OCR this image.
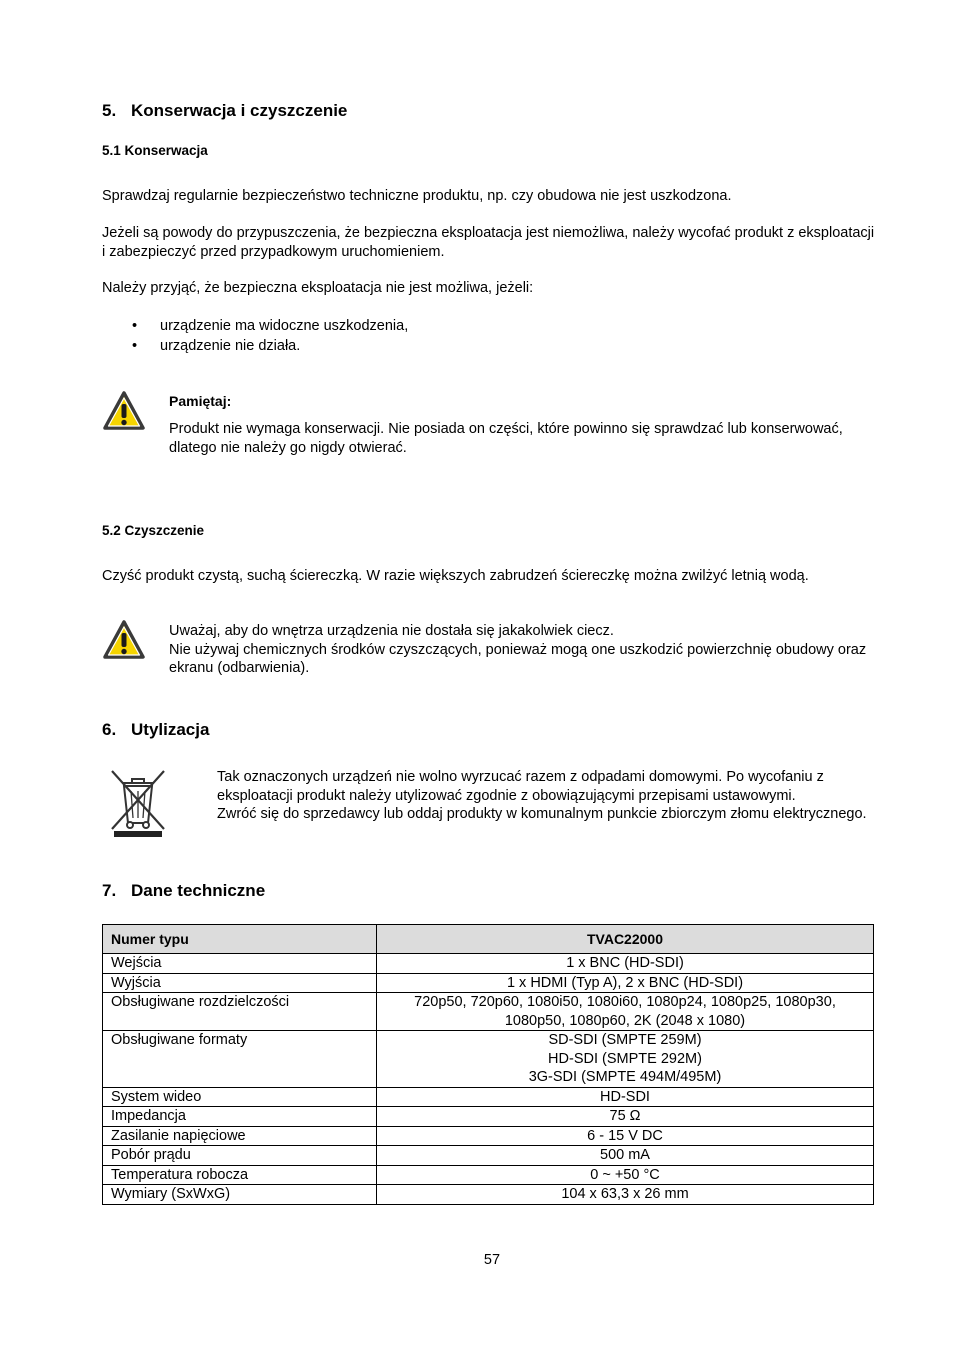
5. Konserwacja i czyszczenie
5.1 Konserwacja
Sprawdzaj regularnie bezpieczeństwo techniczne produktu, np. czy obudowa nie jest uszkodzona.
Jeżeli są powody do przypuszczenia, że bezpieczna eksploatacja jest niemożliwa, należy wycofać produkt z eksploatacji i zabezpieczyć przed przypadkowym uruchomieniem.
Należy przyjąć, że bezpieczna eksploatacja nie jest możliwa, jeżeli:
• urządzenie ma widoczne uszkodzenia,
• urządzenie nie działa.
Pamiętaj:
Produkt nie wymaga konserwacji. Nie posiada on części, które powinno się sprawdzać lub konserwować, dlatego nie należy go nigdy otwierać.
5.2 Czyszczenie
Czyść produkt czystą, suchą ściereczką. W razie większych zabrudzeń ściereczkę można zwilżyć letnią wodą.
Uważaj, aby do wnętrza urządzenia nie dostała się jakakolwiek ciecz.
Nie używaj chemicznych środków czyszczących, ponieważ mogą one uszkodzić powierzchnię obudowy oraz ekranu (odbarwienia).
6. Utylizacja
Tak oznaczonych urządzeń nie wolno wyrzucać razem z odpadami domowymi. Po wycofaniu z eksploatacji produkt należy utylizować zgodnie z obowiązującymi przepisami ustawowymi.
Zwróć się do sprzedawcy lub oddaj produkty w komunalnym punkcie zbiorczym złomu elektrycznego.
7. Dane techniczne
Numer typu	TVAC22000
Wejścia	1 x BNC (HD-SDI)
Wyjścia	1 x HDMI (Typ A), 2 x BNC (HD-SDI)
Obsługiwane rozdzielczości	720p50, 720p60, 1080i50, 1080i60, 1080p24, 1080p25, 1080p30, 1080p50, 1080p60, 2K (2048 x 1080)
Obsługiwane formaty	SD-SDI (SMPTE 259M)
HD-SDI (SMPTE 292M)
3G-SDI (SMPTE 494M/495M)

System wideo	HD-SDI
Impedancja	75 Ω
Zasilanie napięciowe	6 - 15 V DC
Pobór prądu	500 mA
Temperatura robocza	0 ~ +50 °C
Wymiary (SxWxG)	104 x 63,3 x 26 mm
57
